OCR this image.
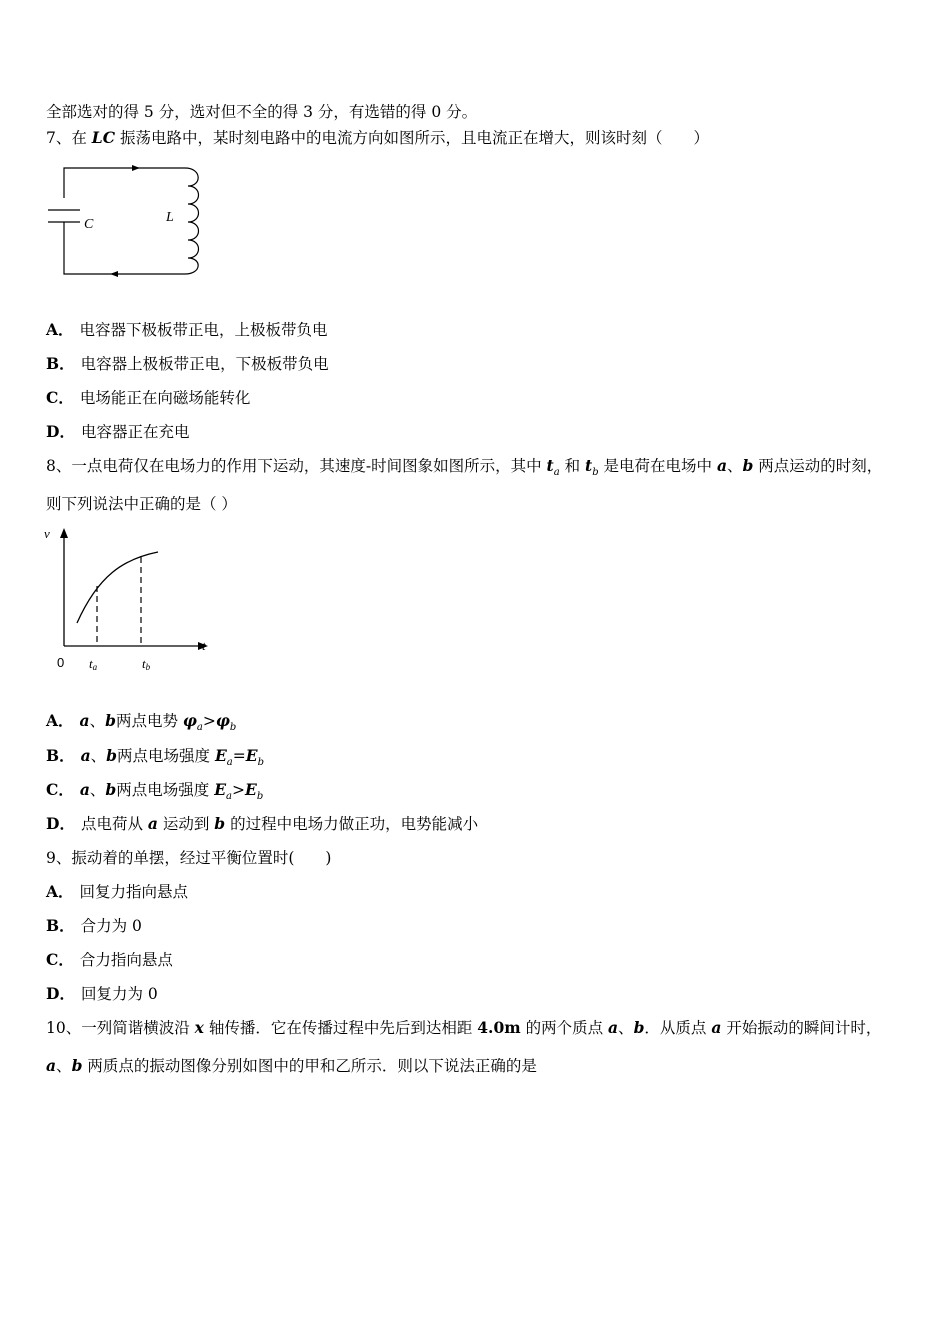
全部选对的得 5 分，选对但不全的得 3 分，有选错的得 0 分。
7、在 LC 振荡电路中，某时刻电路中的电流方向如图所示，且电流正在增大，则该时刻（　　）
C	L
A． 电容器下极板带正电，上极板带负电
B． 电容器上极板带正电，下极板带负电
C． 电场能正在向磁场能转化
D． 电容器正在充电
8、一点电荷仅在电场力的作用下运动，其速度-时间图象如图所示，其中 $t_a$ 和 $t_b$ 是电荷在电场中 a、b 两点运动的时刻，
则下列说法中正确的是（ ）
v
t
0 ta	tb
A． a、b两点电势 $\varphi_a>\varphi_b$
B． a、b两点电场强度 $E_a=E_b$
C． a、b两点电场强度 $E_a>E_b$
D． 点电荷从 a 运动到 b 的过程中电场力做正功，电势能减小
9、振动着的单摆，经过平衡位置时(　　)
A． 回复力指向悬点
B． 合力为 0
C． 合力指向悬点
D． 回复力为 0
10、一列简谐横波沿 x 轴传播．它在传播过程中先后到达相距 4.0m 的两个质点 a、b．从质点 a 开始振动的瞬间计时，
a、b 两质点的振动图像分别如图中的甲和乙所示．则以下说法正确的是
